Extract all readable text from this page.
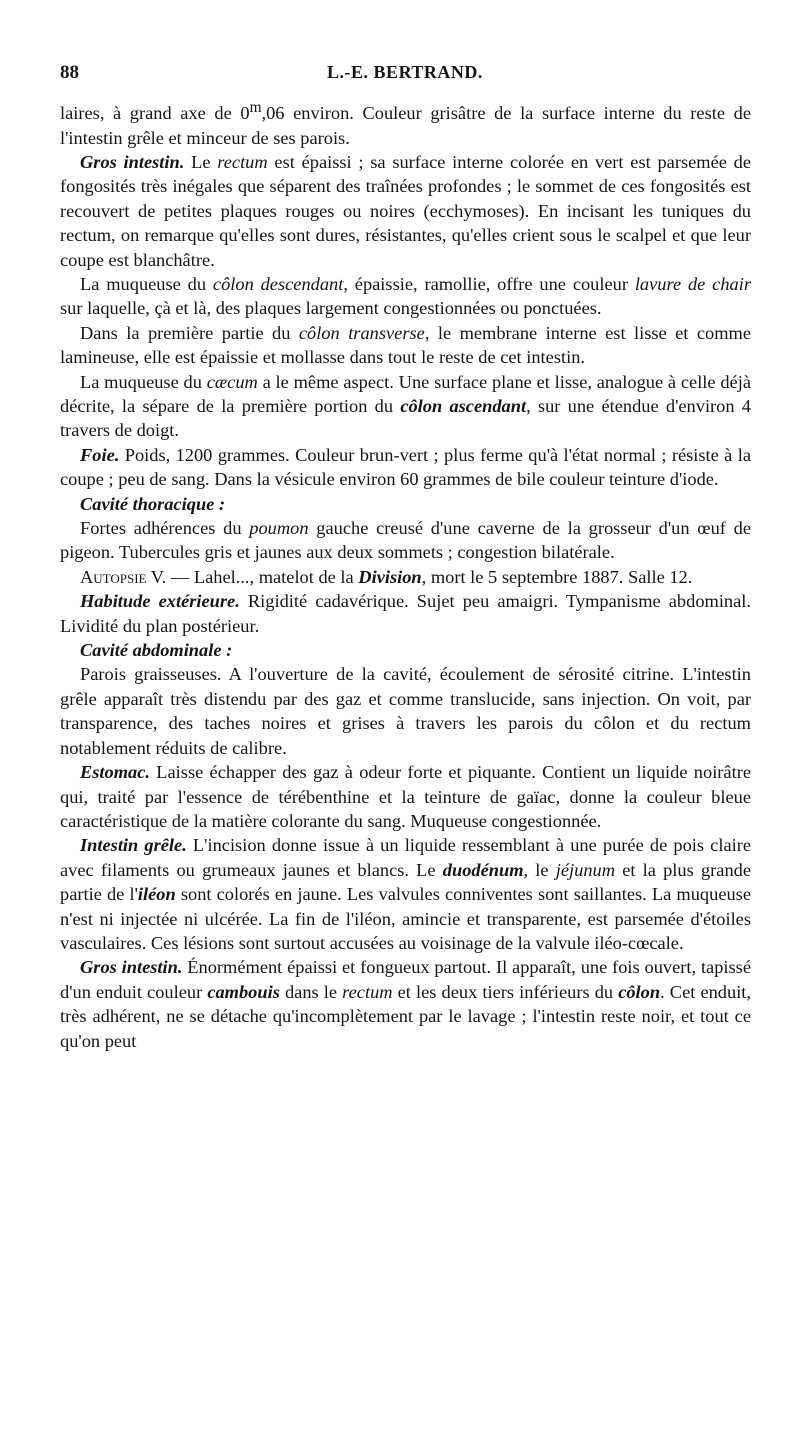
88	L.-E. BERTRAND.

laires, à grand axe de 0$^m$,06 environ. Couleur grisâtre de la surface interne du reste de l'intestin grêle et minceur de ses parois.

Gros intestin. Le rectum est épaissi ; sa surface interne colorée en vert est parsemée de fongosités très inégales que séparent des traînées profondes ; le sommet de ces fongosités est recouvert de petites plaques rouges ou noires (ecchymoses). En incisant les tuniques du rectum, on remarque qu'elles sont dures, résistantes, qu'elles crient sous le scalpel et que leur coupe est blanchâtre.

La muqueuse du côlon descendant, épaissie, ramollie, offre une couleur lavure de chair sur laquelle, çà et là, des plaques largement congestionnées ou ponctuées.

Dans la première partie du côlon transverse, le membrane interne est lisse et comme lamineuse, elle est épaissie et mollasse dans tout le reste de cet intestin.

La muqueuse du cæcum a le même aspect. Une surface plane et lisse, analogue à celle déjà décrite, la sépare de la première portion du côlon ascendant, sur une étendue d'environ 4 travers de doigt.

Foie. Poids, 1200 grammes. Couleur brun-vert ; plus ferme qu'à l'état normal ; résiste à la coupe ; peu de sang. Dans la vésicule environ 60 grammes de bile couleur teinture d'iode.

Cavité thoracique :

Fortes adhérences du poumon gauche creusé d'une caverne de la grosseur d'un œuf de pigeon. Tubercules gris et jaunes aux deux sommets ; congestion bilatérale.

Autopsie V. — Lahel..., matelot de la Division, mort le 5 septembre 1887. Salle 12.

Habitude extérieure. Rigidité cadavérique. Sujet peu amaigri. Tympanisme abdominal. Lividité du plan postérieur.

Cavité abdominale :

Parois graisseuses. A l'ouverture de la cavité, écoulement de sérosité citrine. L'intestin grêle apparaît très distendu par des gaz et comme translucide, sans injection. On voit, par transparence, des taches noires et grises à travers les parois du côlon et du rectum notablement réduits de calibre.

Estomac. Laisse échapper des gaz à odeur forte et piquante. Contient un liquide noirâtre qui, traité par l'essence de térébenthine et la teinture de gaïac, donne la couleur bleue caractéristique de la matière colorante du sang. Muqueuse congestionnée.

Intestin grêle. L'incision donne issue à un liquide ressemblant à une purée de pois claire avec filaments ou grumeaux jaunes et blancs. Le duodénum, le jéjunum et la plus grande partie de l'iléon sont colorés en jaune. Les valvules conniventes sont saillantes. La muqueuse n'est ni injectée ni ulcérée. La fin de l'iléon, amincie et transparente, est parsemée d'étoiles vasculaires. Ces lésions sont surtout accusées au voisinage de la valvule iléo-cœcale.

Gros intestin. Énormément épaissi et fongueux partout. Il apparaît, une fois ouvert, tapissé d'un enduit couleur cambouis dans le rectum et les deux tiers inférieurs du côlon. Cet enduit, très adhérent, ne se détache qu'incomplètement par le lavage ; l'intestin reste noir, et tout ce qu'on peut
